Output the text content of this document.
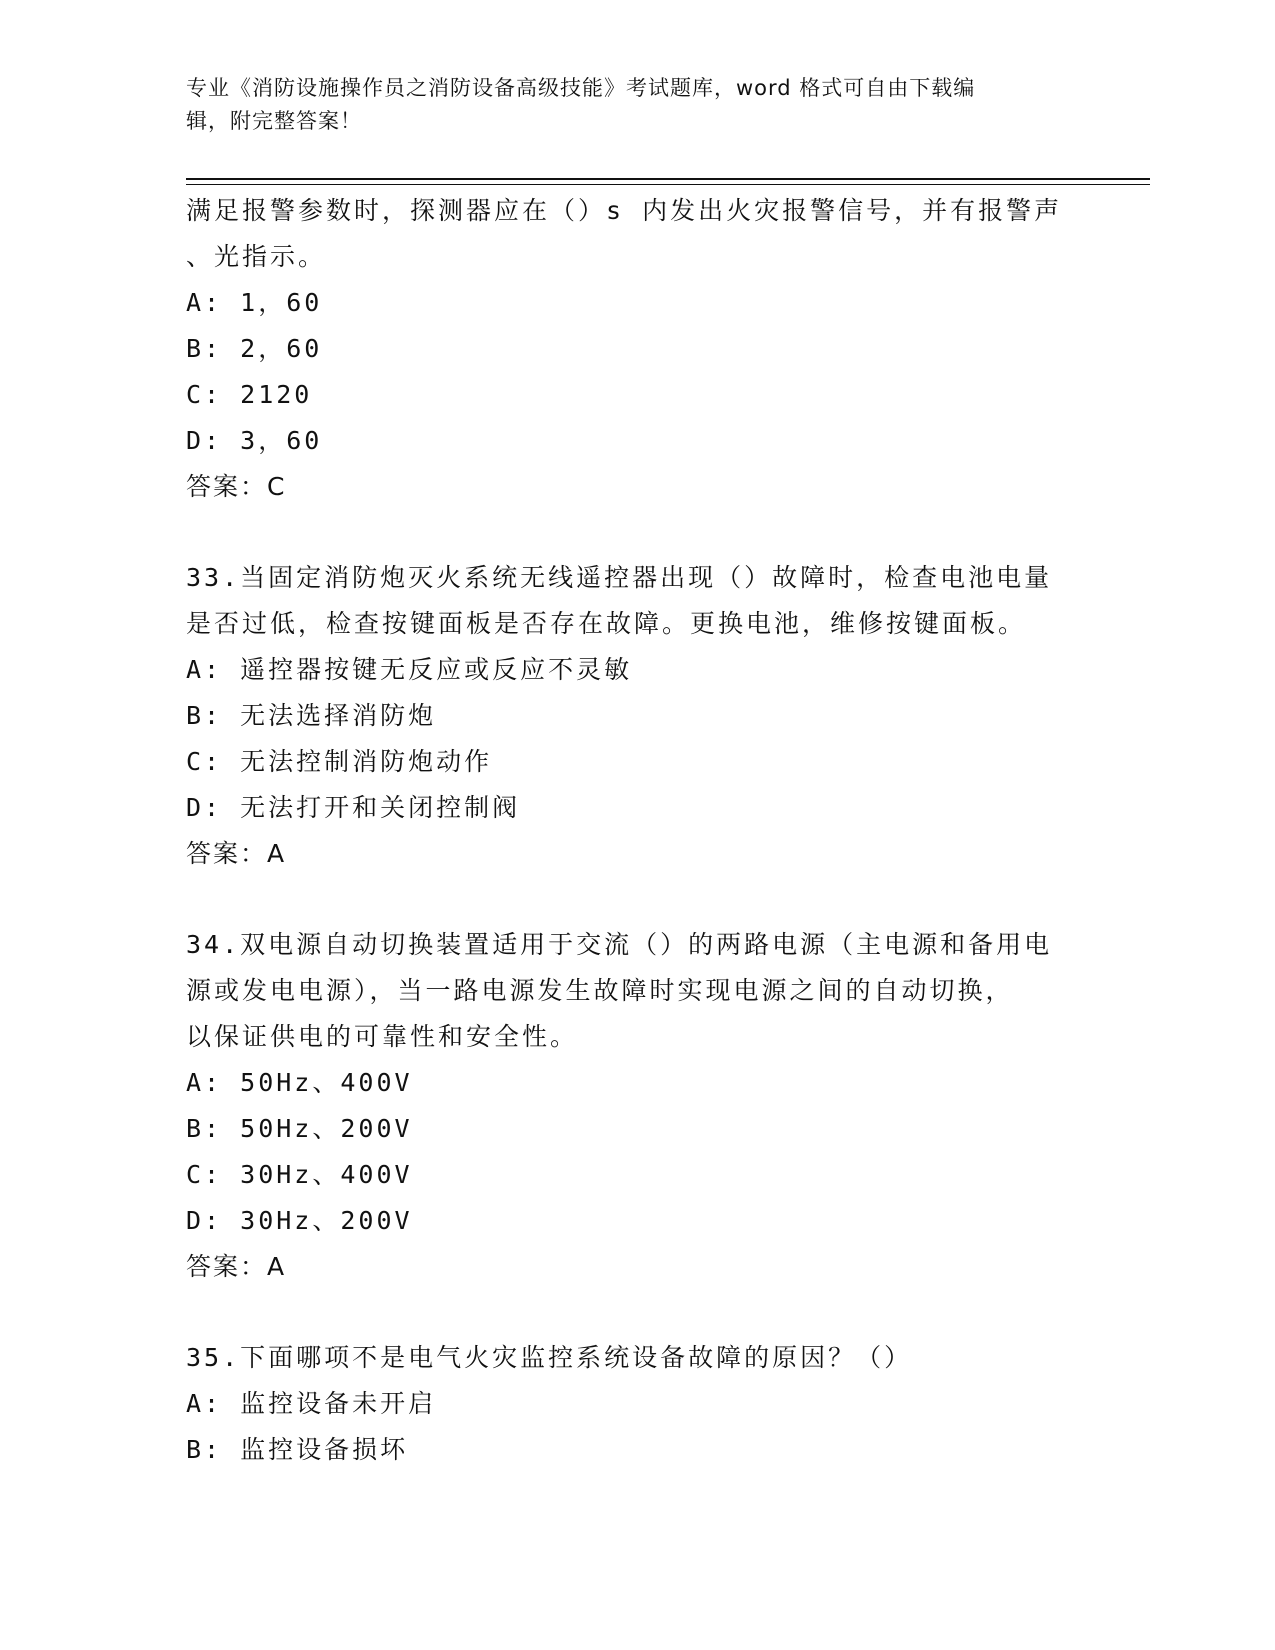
专业《消防设施操作员之消防设备高级技能》考试题库，word 格式可自由下载编
辑，附完整答案！
满足报警参数时，探测器应在（）s 内发出火灾报警信号，并有报警声
、光指示。
A: 1，60
B: 2，60
C: 2120
D: 3，60
答案：C
33.当固定消防炮灭火系统无线遥控器出现（）故障时，检查电池电量
是否过低，检查按键面板是否存在故障。更换电池，维修按键面板。
A: 遥控器按键无反应或反应不灵敏
B: 无法选择消防炮
C: 无法控制消防炮动作
D: 无法打开和关闭控制阀
答案：A
34.双电源自动切换装置适用于交流（）的两路电源（主电源和备用电
源或发电电源），当一路电源发生故障时实现电源之间的自动切换，
以保证供电的可靠性和安全性。
A: 50Hz、400V
B: 50Hz、200V
C: 30Hz、400V
D: 30Hz、200V
答案：A
35.下面哪项不是电气火灾监控系统设备故障的原因？（）
A: 监控设备未开启
B: 监控设备损坏
